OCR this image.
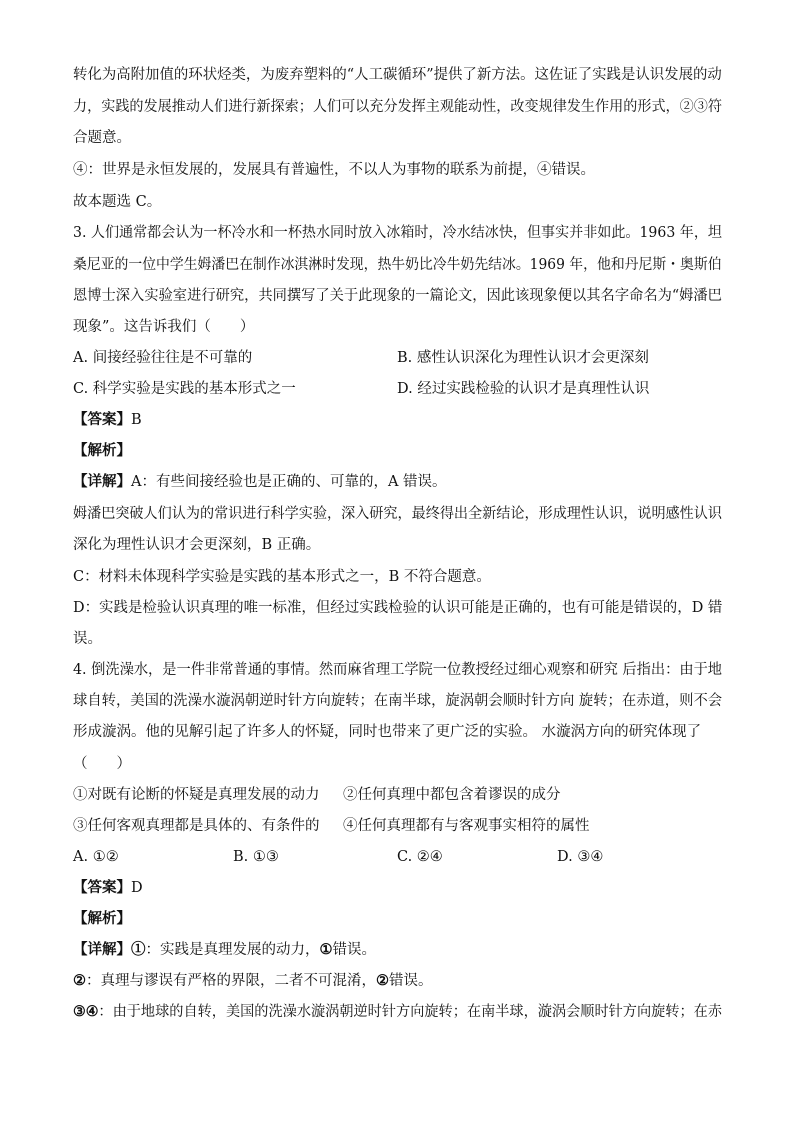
转化为高附加值的环状烃类，为废弃塑料的“人工碳循环”提供了新方法。这佐证了实践是认识发展的动
力，实践的发展推动人们进行新探索；人们可以充分发挥主观能动性，改变规律发生作用的形式，②③符
合题意。
④：世界是永恒发展的，发展具有普遍性，不以人为事物的联系为前提，④错误。
故本题选 C。
3. 人们通常都会认为一杯冷水和一杯热水同时放入冰箱时，冷水结冰快，但事实并非如此。1963 年，坦
桑尼亚的一位中学生姆潘巴在制作冰淇淋时发现，热牛奶比冷牛奶先结冰。1969 年，他和丹尼斯・奥斯伯
恩博士深入实验室进行研究，共同撰写了关于此现象的一篇论文，因此该现象便以其名字命名为“姆潘巴
现象”。这告诉我们（　　）
A. 间接经验往往是不可靠的	B. 感性认识深化为理性认识才会更深刻
C. 科学实验是实践的基本形式之一	D. 经过实践检验的认识才是真理性认识
【答案】B
【解析】
【详解】A：有些间接经验也是正确的、可靠的，A 错误。
姆潘巴突破人们认为的常识进行科学实验，深入研究，最终得出全新结论，形成理性认识，说明感性认识
深化为理性认识才会更深刻，B 正确。
C：材料未体现科学实验是实践的基本形式之一，B 不符合题意。
D：实践是检验认识真理的唯一标准，但经过实践检验的认识可能是正确的，也有可能是错误的，D 错
误。
4. 倒洗澡水，是一件非常普通的事情。然而麻省理工学院一位教授经过细心观察和研究 后指出：由于地
球自转，美国的洗澡水漩涡朝逆时针方向旋转；在南半球，旋涡朝会顺时针方向 旋转；在赤道，则不会
形成漩涡。他的见解引起了许多人的怀疑，同时也带来了更广泛的实验。 水漩涡方向的研究体现了
（　　）
①对既有论断的怀疑是真理发展的动力 ②任何真理中都包含着谬误的成分
③任何客观真理都是具体的、有条件的 ④任何真理都有与客观事实相符的属性
A. ①②	B. ①③	C. ②④	D. ③④
【答案】D
【解析】
【详解】①：实践是真理发展的动力，①错误。
②：真理与谬误有严格的界限，二者不可混淆，②错误。
③④：由于地球的自转，美国的洗澡水漩涡朝逆时针方向旋转；在南半球，漩涡会顺时针方向旋转；在赤
